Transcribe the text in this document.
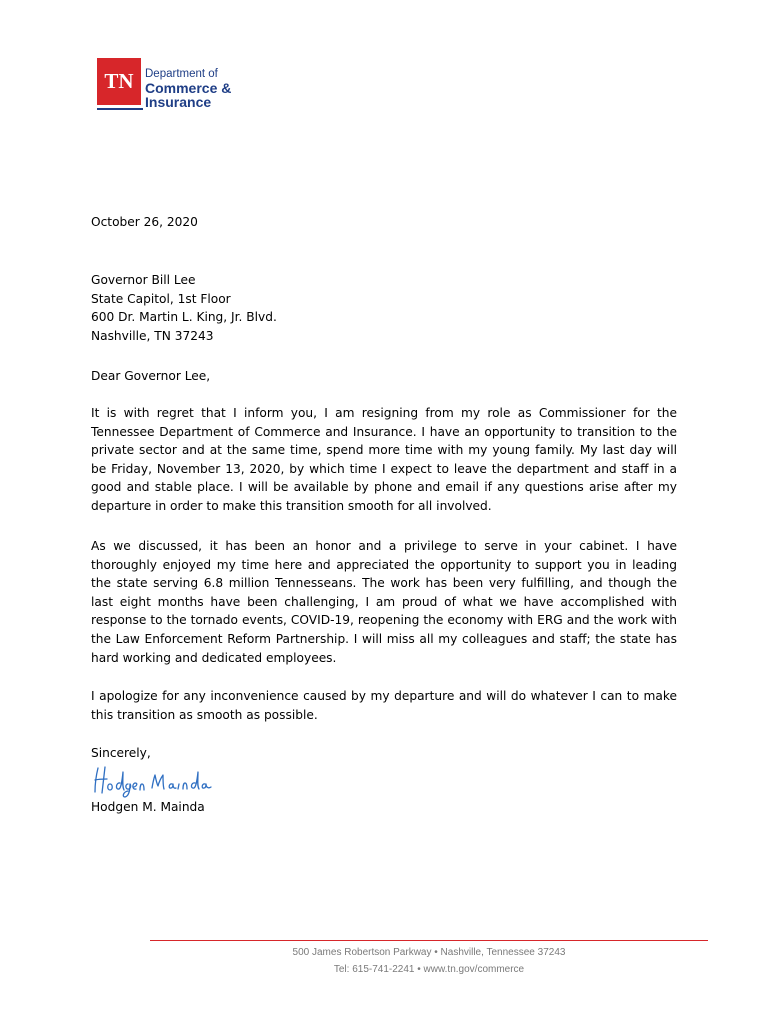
TN Department of
Commerce &
Insurance
October 26, 2020
Governor Bill Lee
State Capitol, 1st Floor
600 Dr. Martin L. King, Jr. Blvd.
Nashville, TN 37243
Dear Governor Lee,

It is with regret that I inform you, I am resigning from my role as Commissioner for the Tennessee Department of Commerce and Insurance. I have an opportunity to transition to the private sector and at the same time, spend more time with my young family. My last day will be Friday, November 13, 2020, by which time I expect to leave the department and staff in a good and stable place. I will be available by phone and email if any questions arise after my departure in order to make this transition smooth for all involved.

As we discussed, it has been an honor and a privilege to serve in your cabinet. I have thoroughly enjoyed my time here and appreciated the opportunity to support you in leading the state serving 6.8 million Tennesseans. The work has been very fulfilling, and though the last eight months have been challenging, I am proud of what we have accomplished with response to the tornado events, COVID-19, reopening the economy with ERG and the work with the Law Enforcement Reform Partnership. I will miss all my colleagues and staff; the state has hard working and dedicated employees.

I apologize for any inconvenience caused by my departure and will do whatever I can to make this transition as smooth as possible.

Sincerely,
Hodgen M. Mainda
500 James Robertson Parkway • Nashville, Tennessee 37243
Tel: 615-741-2241 • www.tn.gov/commerce
